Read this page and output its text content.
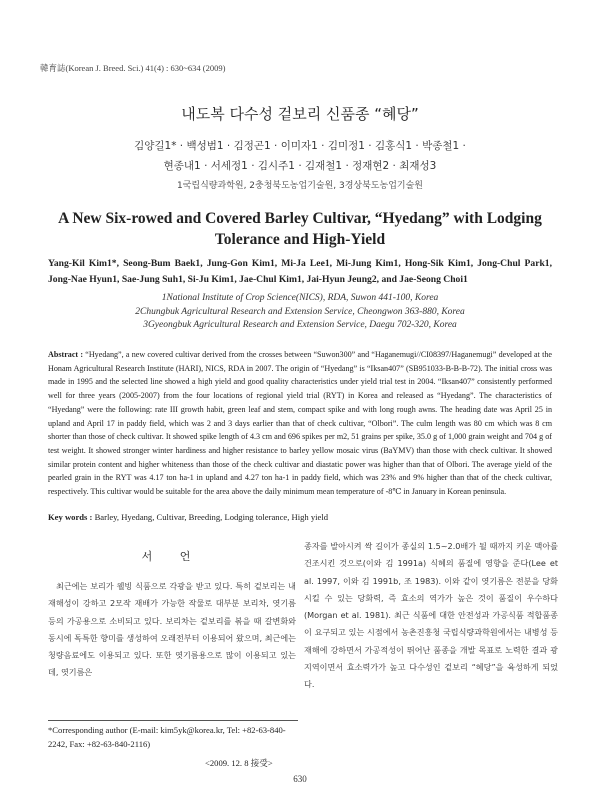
韓育誌(Korean J. Breed. Sci.) 41(4) : 630~634 (2009)
내도복 다수성 겉보리 신품종 “혜당”
김양길1* · 백성범1 · 김정곤1 · 이미자1 · 김미정1 · 김홍식1 · 박종철1 ·
현종내1 · 서세정1 · 김시주1 · 김재철1 · 정재현2 · 최재성3
1국립식량과학원, 2충청북도농업기술원, 3경상북도농업기술원
A New Six-rowed and Covered Barley Cultivar, “Hyedang” with Lodging Tolerance and High-Yield
Yang-Kil Kim1*, Seong-Bum Baek1, Jung-Gon Kim1, Mi-Ja Lee1, Mi-Jung Kim1, Hong-Sik Kim1, Jong-Chul Park1, Jong-Nae Hyun1, Sae-Jung Suh1, Si-Ju Kim1, Jae-Chul Kim1, Jai-Hyun Jeung2, and Jae-Seong Choi1
1National Institute of Crop Science(NICS), RDA, Suwon 441-100, Korea
2Chungbuk Agricultural Research and Extension Service, Cheongwon 363-880, Korea
3Gyeongbuk Agricultural Research and Extension Service, Daegu 702-320, Korea
Abstract : “Hyedang”, a new covered cultivar derived from the crosses between “Suwon300” and “Haganemugi//CI08397/Haganemugi” developed at the Honam Agricultural Research Institute (HARI), NICS, RDA in 2007. The origin of “Hyedang” is “Iksan407” (SB951033-B-B-B-72). The initial cross was made in 1995 and the selected line showed a high yield and good quality characteristics under yield trial test in 2004. “Iksan407” consistently performed well for three years (2005-2007) from the four locations of regional yield trial (RYT) in Korea and released as “Hyedang”. The characteristics of “Hyedang” were the following: rate III growth habit, green leaf and stem, compact spike and with long rough awns. The heading date was April 25 in upland and April 17 in paddy field, which was 2 and 3 days earlier than that of check cultivar, “Olbori”. The culm length was 80 cm which was 8 cm shorter than those of check cultivar. It showed spike length of 4.3 cm and 696 spikes per m2, 51 grains per spike, 35.0 g of 1,000 grain weight and 704 g of test weight. It showed stronger winter hardiness and higher resistance to barley yellow mosaic virus (BaYMV) than those with check cultivar. It showed similar protein content and higher whiteness than those of the check cultivar and diastatic power was higher than that of Olbori. The average yield of the pearled grain in the RYT was 4.17 ton ha-1 in upland and 4.27 ton ha-1 in paddy field, which was 23% and 9% higher than that of the check cultivar, respectively. This cultivar would be suitable for the area above the daily minimum mean temperature of -8℃ in January in Korean peninsula.
Key words : Barley, Hyedang, Cultivar, Breeding, Lodging tolerance, High yield
서 언
최근에는 보리가 웰빙 식품으로 각광을 받고 있다. 특히 겉보리는 내재해성이 강하고 2모작 재배가 가능한 작물로 대부분 보리차, 엿기름 등의 가공용으로 소비되고 있다. 보리차는 겉보리를 볶을 때 갈변화와 동시에 독특한 향미를 생성하여 오래전부터 이용되어 왔으며, 최근에는 청량음료에도 이용되고 있다. 또한 엿기름용으로 많이 이용되고 있는데, 엿기름은
종자를 발아시켜 싹 길이가 종실의 1.5~2.0배가 될 때까지 키운 맥아를 건조시킨 것으로(이와 김 1991a) 식혜의 품질에 영향을 준다(Lee et al. 1997, 이와 김 1991b, 조 1983). 이와 같이 엿기름은 전분을 당화시킬 수 있는 당화력, 즉 효소의 역가가 높은 것이 품질이 우수하다(Morgan et al. 1981). 최근 식품에 대한 안전성과 가공식품 적합품종이 요구되고 있는 시점에서 농촌진흥청 국립식량과학원에서는 내병성 등 재해에 강하면서 가공적성이 뛰어난 품종을 개발 목표로 노력한 결과 광지역이면서 효소력가가 높고 다수성인 겉보리 “혜당”을 육성하게 되었다.
*Corresponding author (E-mail: kim5yk@korea.kr, Tel: +82-63-840-2242, Fax: +82-63-840-2116)
<2009. 12. 8 接受>
630
